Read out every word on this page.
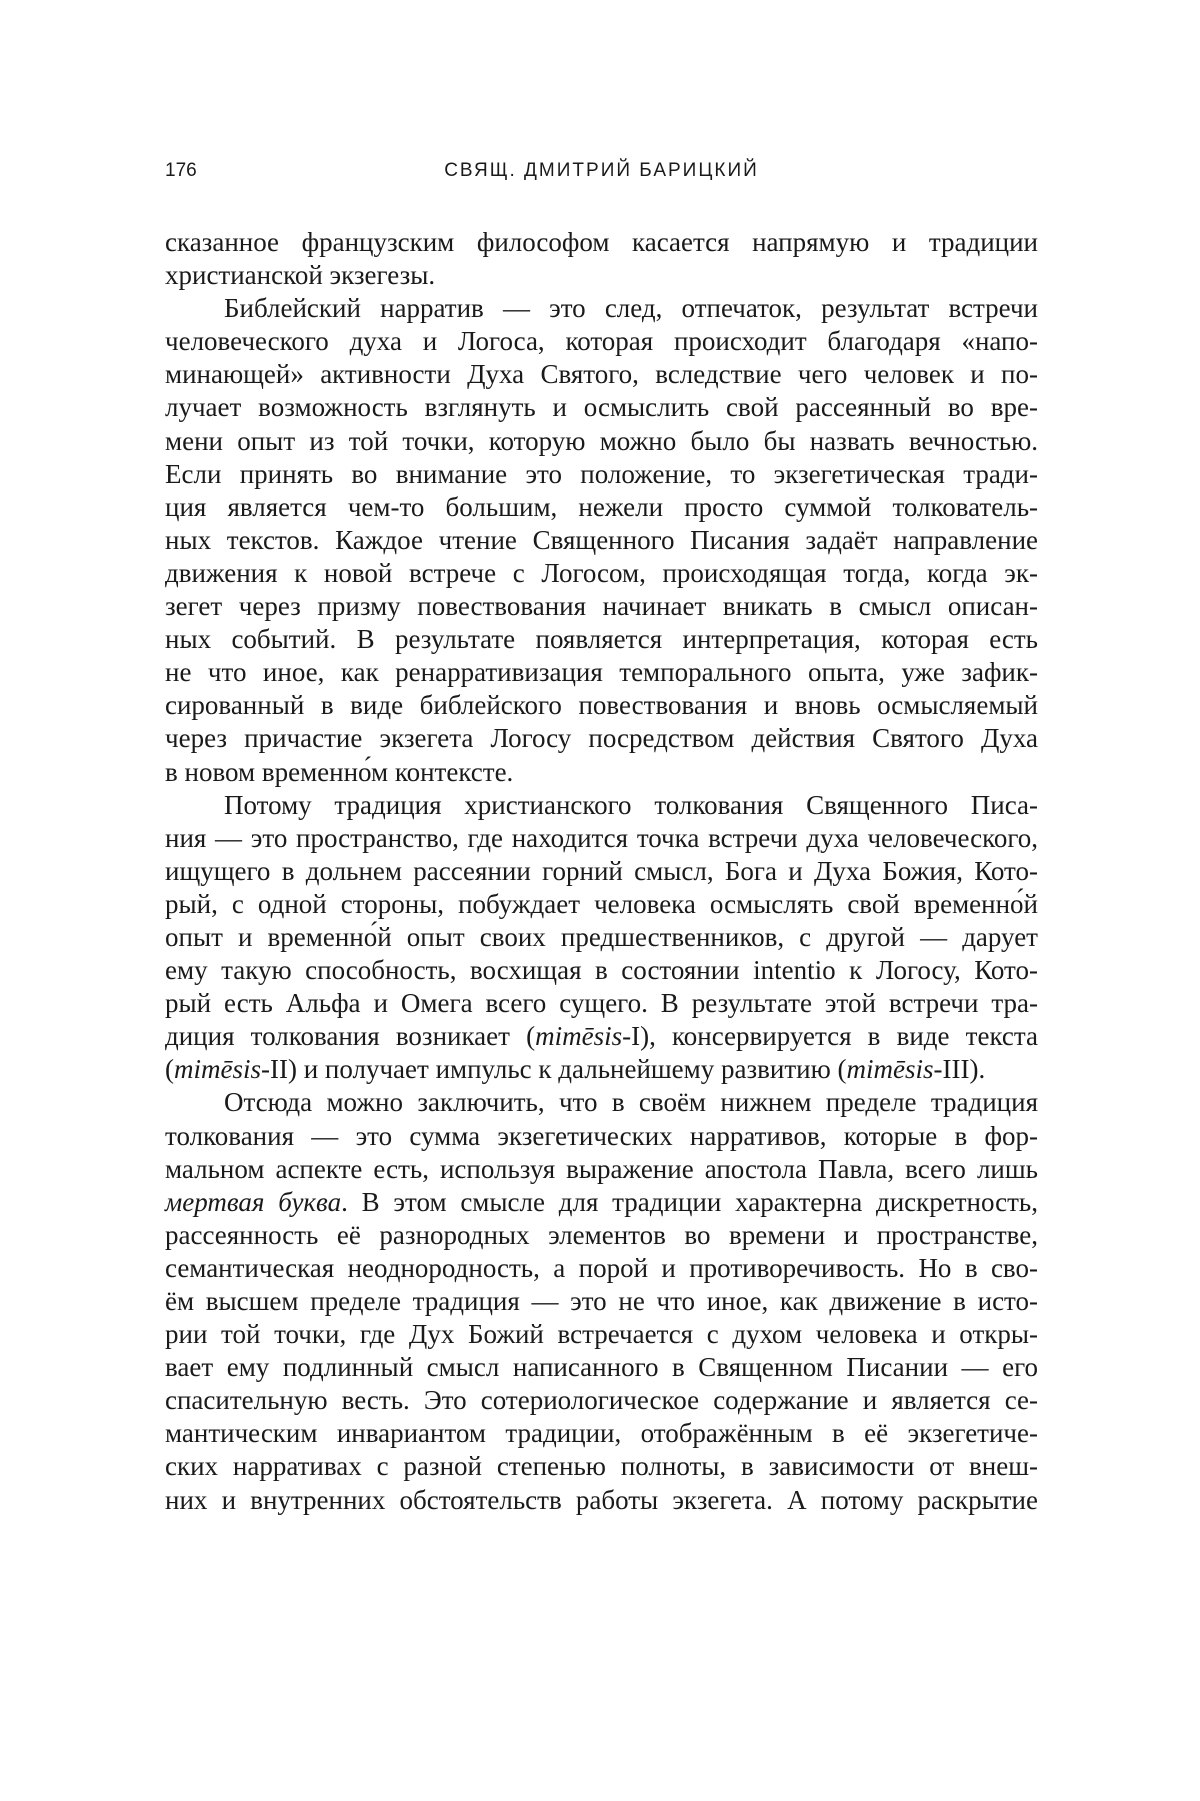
176	СВЯЩ. ДМИТРИЙ БАРИЦКИЙ
сказанное французским философом касается напрямую и традиции
христианской экзегезы.
Библейский нарратив — это след, отпечаток, результат встречи
человеческого духа и Логоса, которая происходит благодаря «напо-
минающей» активности Духа Святого, вследствие чего человек и по-
лучает возможность взглянуть и осмыслить свой рассеянный во вре-
мени опыт из той точки, которую можно было бы назвать вечностью.
Если принять во внимание это положение, то экзегетическая тради-
ция является чем-то большим, нежели просто суммой толкователь-
ных текстов. Каждое чтение Священного Писания задаёт направление
движения к новой встрече с Логосом, происходящая тогда, когда эк-
зегет через призму повествования начинает вникать в смысл описан-
ных событий. В результате появляется интерпретация, которая есть
не что иное, как ренарративизация темпорального опыта, уже зафик-
сированный в виде библейского повествования и вновь осмысляемый
через причастие экзегета Логосу посредством действия Святого Духа
в новом временно́м контексте.
Потому традиция христианского толкования Священного Писа-
ния — это пространство, где находится точка встречи духа человеческого,
ищущего в дольнем рассеянии горний смысл, Бога и Духа Божия, Кото-
рый, с одной стороны, побуждает человека осмыслять свой временно́й
опыт и временно́й опыт своих предшественников, с другой — дарует
ему такую способность, восхищая в состоянии intentio к Логосу, Кото-
рый есть Альфа и Омега всего сущего. В результате этой встречи тра-
диция толкования возникает (mimēsis-I), консервируется в виде текста
(mimēsis-II) и получает импульс к дальнейшему развитию (mimēsis-III).
Отсюда можно заключить, что в своём нижнем пределе традиция
толкования — это сумма экзегетических нарративов, которые в фор-
мальном аспекте есть, используя выражение апостола Павла, всего лишь
мертвая буква. В этом смысле для традиции характерна дискретность,
рассеянность её разнородных элементов во времени и пространстве,
семантическая неоднородность, а порой и противоречивость. Но в сво-
ём высшем пределе традиция — это не что иное, как движение в исто-
рии той точки, где Дух Божий встречается с духом человека и откры-
вает ему подлинный смысл написанного в Священном Писании — его
спасительную весть. Это сотериологическое содержание и является се-
мантическим инвариантом традиции, отображённым в её экзегетиче-
ских нарративах с разной степенью полноты, в зависимости от внеш-
них и внутренних обстоятельств работы экзегета. А потому раскрытие
